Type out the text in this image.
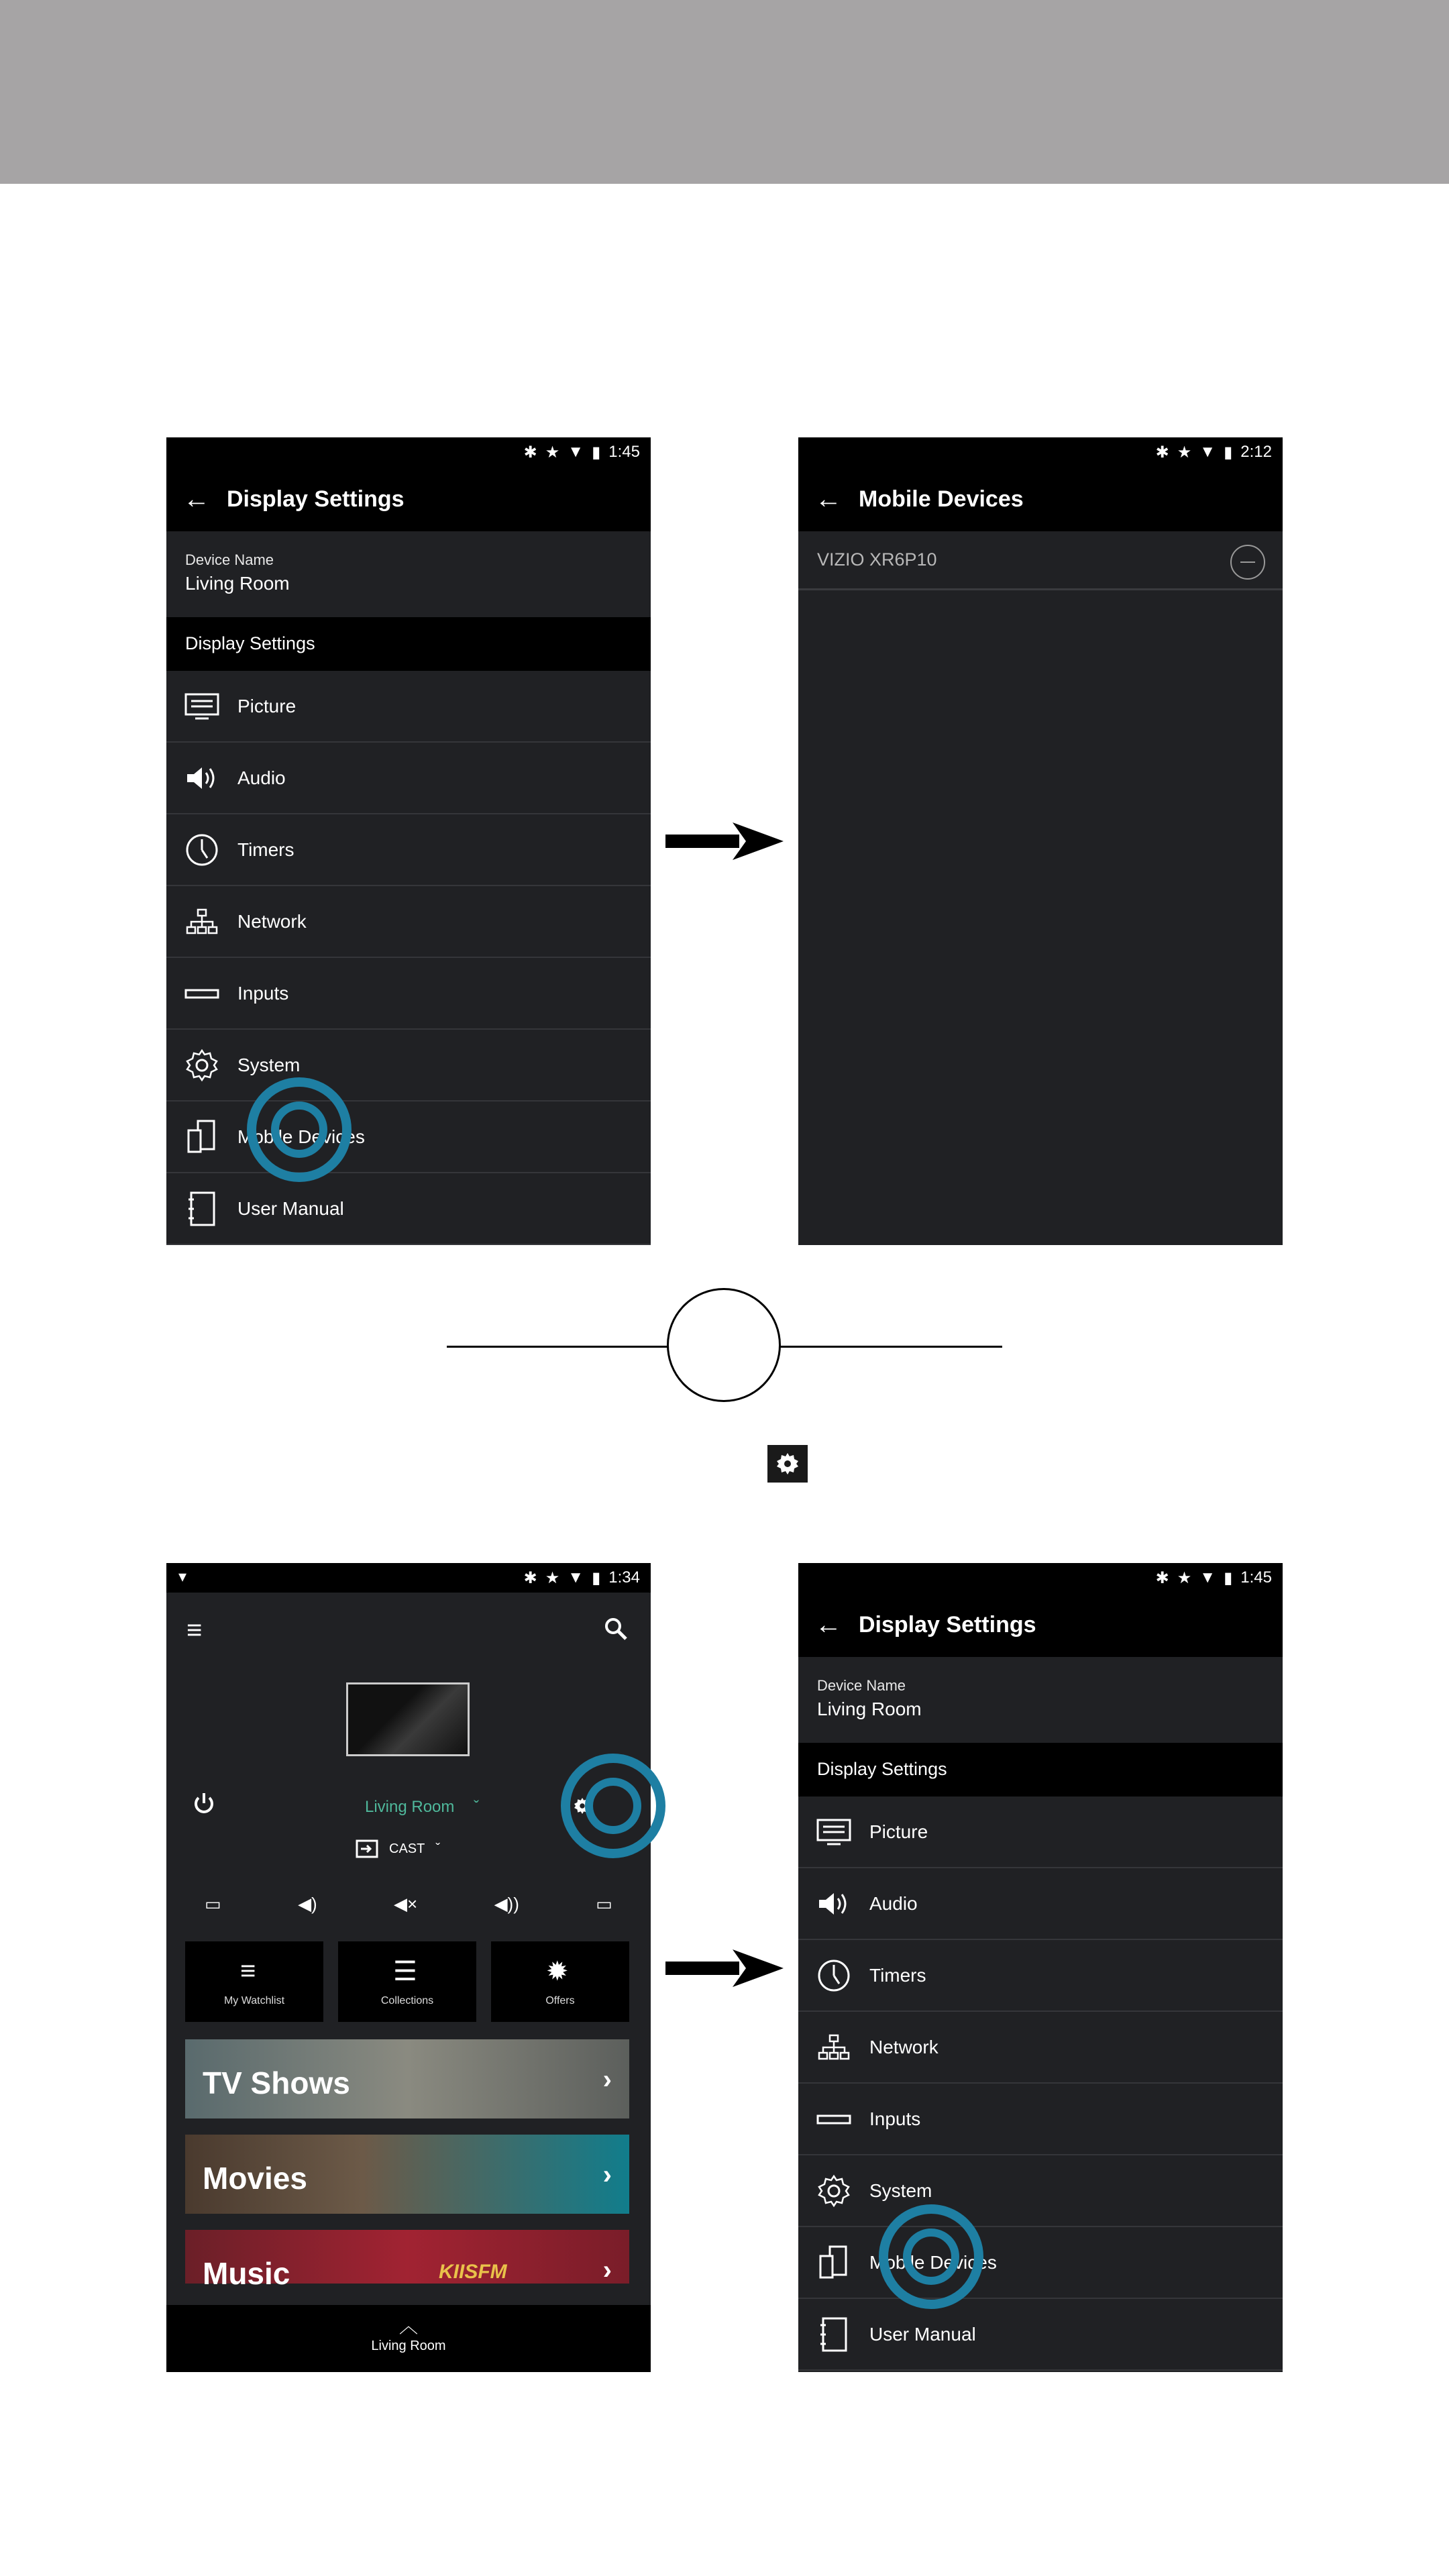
✱ ★ ▼ ▮ 1:45
← Display Settings
Device Name
Living Room
Display Settings
Picture
Audio
Timers
Network
Inputs
System
Mobile Devices
User Manual
✱ ★ ▼ ▮ 2:12
← Mobile Devices
VIZIO XR6P10
▾	✱ ★ ▼ ▮ 1:34
≡
Living Room ˇ
CAST ˇ
▭	◀)	◀×	◀))	▭
≡
My Watchlist
☰
Collections
✹
Offers
TV Shows	›
Movies	›
Music	KIISFM	›
︿
Living Room
✱ ★ ▼ ▮ 1:45
← Display Settings
Device Name
Living Room
Display Settings
Picture
Audio
Timers
Network
Inputs
System
Mobile Devices
User Manual
